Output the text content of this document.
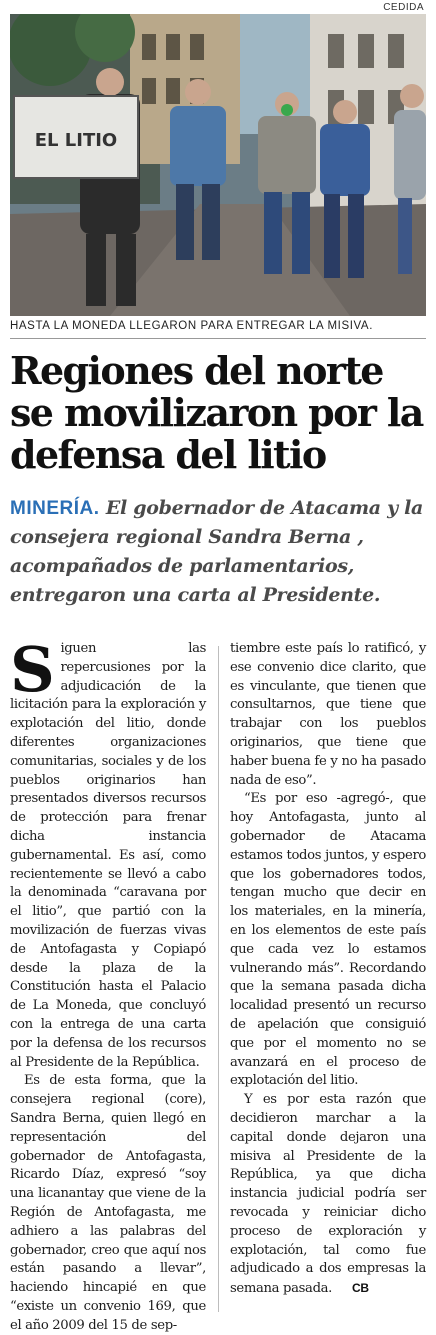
CEDIDA
EL LITIO
HASTA LA MONEDA LLEGARON PARA ENTREGAR LA MISIVA.
Regiones del norte se movilizaron por la defensa del litio

MINERÍA. El gobernador de Atacama y la consejera regional Sandra Berna , acompañados de parlamentarios, entregaron una carta al Presidente.

Siguen las repercusiones por la adjudicación de la licitación para la exploración y explotación del litio, donde diferentes organizaciones comunitarias, sociales y de los pueblos originarios han presentados diversos recursos de protección para frenar dicha instancia gubernamental. Es así, como recientemente se llevó a cabo la denominada “caravana por el litio”, que partió con la movilización de fuerzas vivas de Antofagasta y Copiapó desde la plaza de la Constitución hasta el Palacio de La Moneda, que concluyó con la entrega de una carta por la defensa de los recursos al Presidente de la República.

Es de esta forma, que la consejera regional (core), Sandra Berna, quien llegó en representación del gobernador de Antofagasta, Ricardo Díaz, expresó “soy una licanantay que viene de la Región de Antofagasta, me adhiero a las palabras del gobernador, creo que aquí nos están pasando a llevar”, haciendo hincapié en que “existe un convenio 169, que el año 2009 del 15 de sep-

tiembre este país lo ratificó, y ese convenio dice clarito, que es vinculante, que tienen que consultarnos, que tiene que trabajar con los pueblos originarios, que tiene que haber buena fe y no ha pasado nada de eso”.

“Es por eso -agregó-, que hoy Antofagasta, junto al gobernador de Atacama estamos todos juntos, y espero que los gobernadores todos, tengan mucho que decir en los materiales, en la minería, en los elementos de este país que cada vez lo estamos vulnerando más”. Recordando que la semana pasada dicha localidad presentó un recurso de apelación que consiguió que por el momento no se avanzará en el proceso de explotación del litio.

Y es por esta razón que decidieron marchar a la capital donde dejaron una misiva al Presidente de la República, ya que dicha instancia judicial podría ser revocada y reiniciar dicho proceso de exploración y explotación, tal como fue adjudicado a dos empresas la semana pasada. CB
